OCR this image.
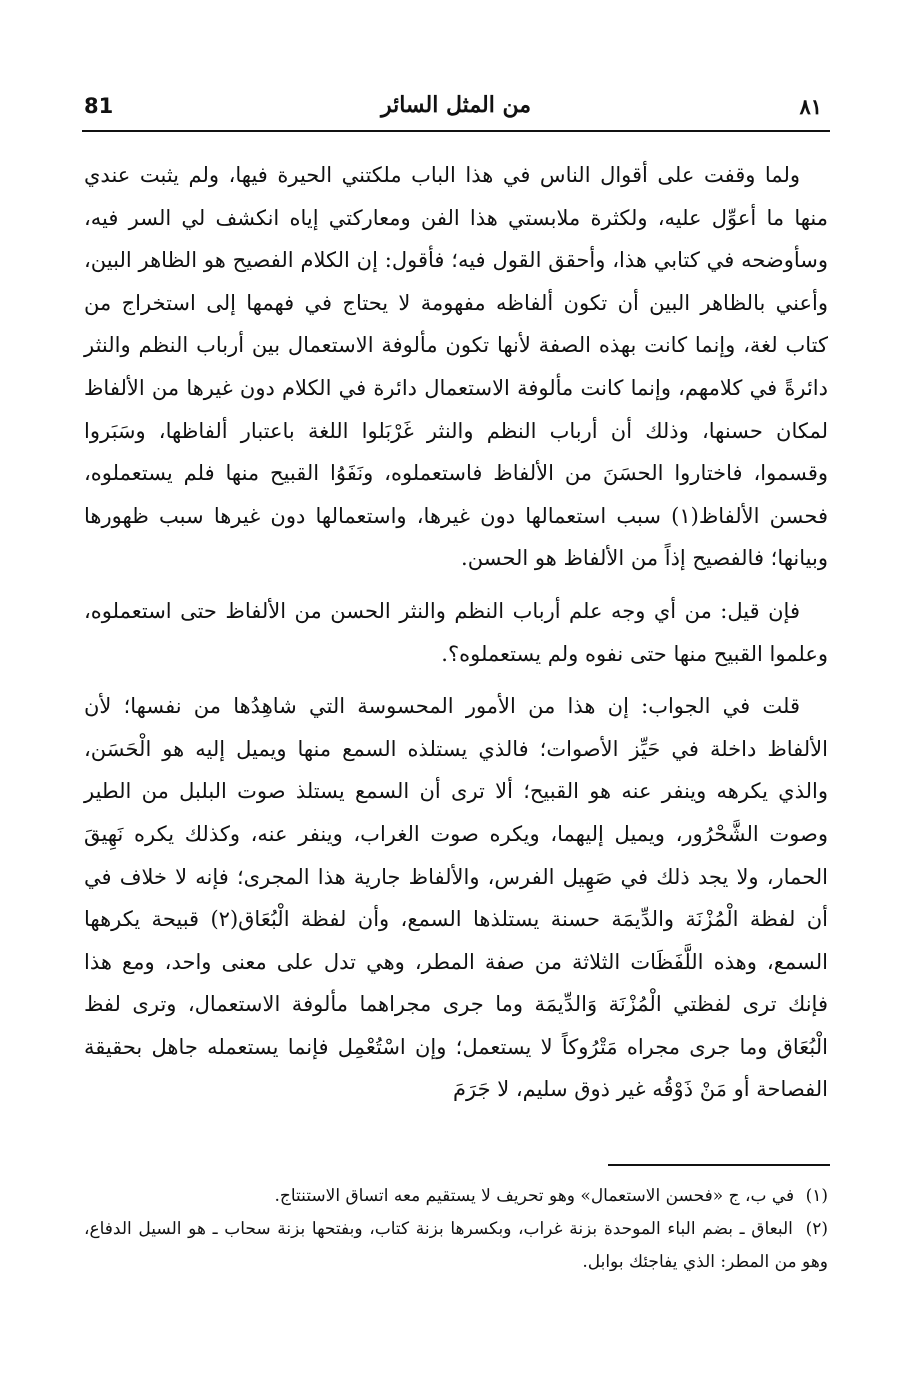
81	من المثل السائر	٨١

ولما وقفت على أقوال الناس في هذا الباب ملكتني الحيرة فيها، ولم يثبت عندي منها ما أعوِّل عليه، ولكثرة ملابستي هذا الفن ومعاركتي إياه انكشف لي السر فيه، وسأوضحه في كتابي هذا، وأحقق القول فيه؛ فأقول: إن الكلام الفصيح هو الظاهر البين، وأعني بالظاهر البين أن تكون ألفاظه مفهومة لا يحتاج في فهمها إلى استخراج من كتاب لغة، وإنما كانت بهذه الصفة لأنها تكون مألوفة الاستعمال بين أرباب النظم والنثر دائرةً في كلامهم، وإنما كانت مألوفة الاستعمال دائرة في الكلام دون غيرها من الألفاظ لمكان حسنها، وذلك أن أرباب النظم والنثر غَرْبَلوا اللغة باعتبار ألفاظها، وسَبَروا وقسموا، فاختاروا الحسَنَ من الألفاظ فاستعملوه، ونَفَوُا القبيح منها فلم يستعملوه، فحسن الألفاظ(١) سبب استعمالها دون غيرها، واستعمالها دون غيرها سبب ظهورها وبيانها؛ فالفصيح إذاً من الألفاظ هو الحسن.

فإن قيل: من أي وجه علم أرباب النظم والنثر الحسن من الألفاظ حتى استعملوه، وعلموا القبيح منها حتى نفوه ولم يستعملوه؟.

قلت في الجواب: إن هذا من الأمور المحسوسة التي شاهِدُها من نفسها؛ لأن الألفاظ داخلة في حَيِّز الأصوات؛ فالذي يستلذه السمع منها ويميل إليه هو الْحَسَن، والذي يكرهه وينفر عنه هو القبيح؛ ألا ترى أن السمع يستلذ صوت البلبل من الطير وصوت الشَّحْرُور، ويميل إليهما، ويكره صوت الغراب، وينفر عنه، وكذلك يكره نَهِيقَ الحمار، ولا يجد ذلك في صَهِيل الفرس، والألفاظ جارية هذا المجرى؛ فإنه لا خلاف في أن لفظة الْمُزْنَة والدِّيمَة حسنة يستلذها السمع، وأن لفظة الْبُعَاق(٢) قبيحة يكرهها السمع، وهذه اللَّفَظَات الثلاثة من صفة المطر، وهي تدل على معنى واحد، ومع هذا فإنك ترى لفظتي الْمُزْنَة وَالدِّيمَة وما جرى مجراهما مألوفة الاستعمال، وترى لفظ الْبُعَاق وما جرى مجراه مَتْرُوكاً لا يستعمل؛ وإن اسْتُعْمِل فإنما يستعمله جاهل بحقيقة الفصاحة أو مَنْ ذَوْقُه غير ذوق سليم، لا جَرَمَ

(١) في ب، ج «فحسن الاستعمال» وهو تحريف لا يستقيم معه اتساق الاستنتاج.

(٢) البعاق ـ بضم الباء الموحدة بزنة غراب، وبكسرها بزنة كتاب، وبفتحها بزنة سحاب ـ هو السيل الدفاع، وهو من المطر: الذي يفاجئك بوابل.
